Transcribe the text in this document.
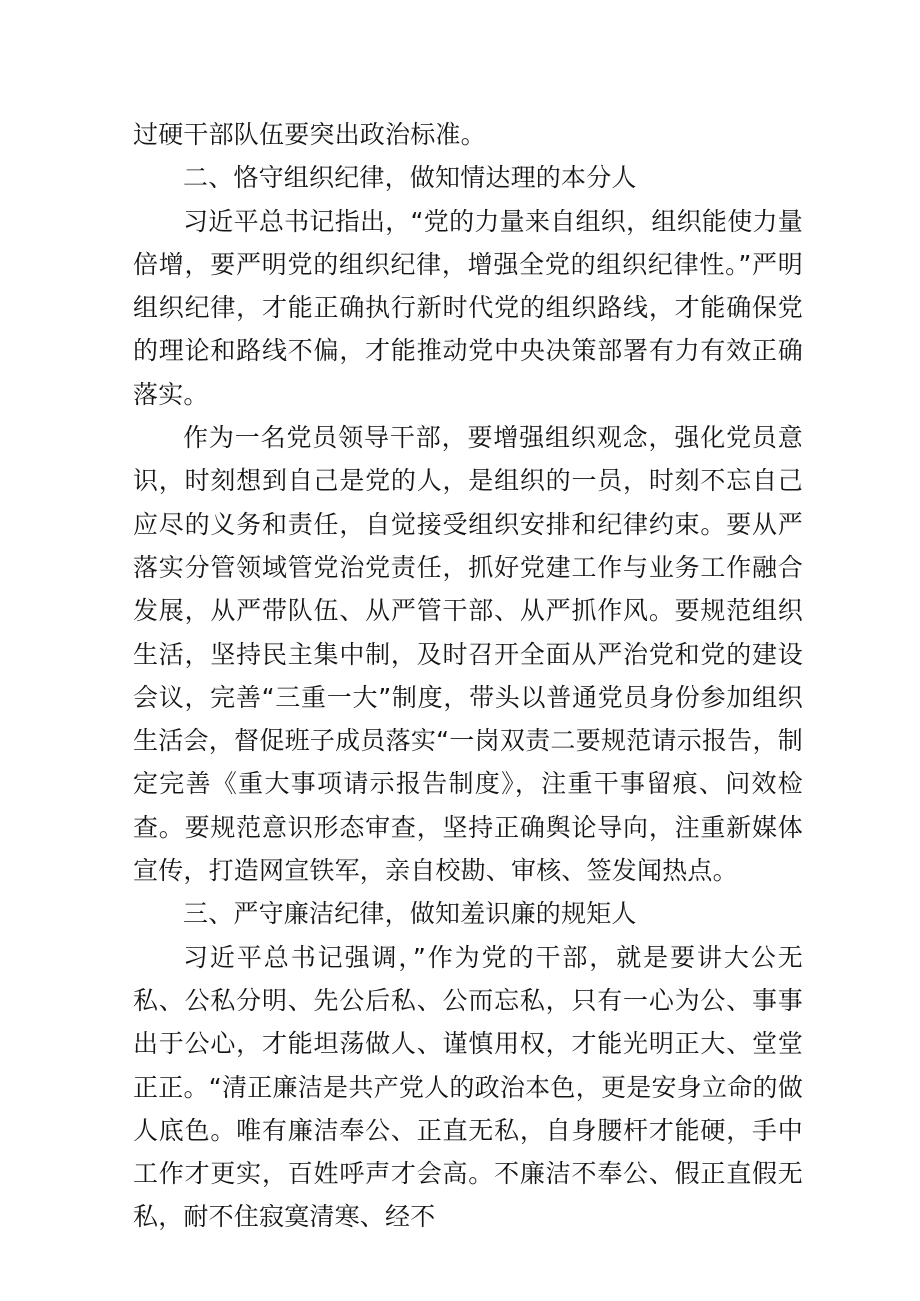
过硬干部队伍要突出政治标准。

二、恪守组织纪律，做知情达理的本分人

习近平总书记指出，“党的力量来自组织，组织能使力量倍增，要严明党的组织纪律，增强全党的组织纪律性。”严明组织纪律，才能正确执行新时代党的组织路线，才能确保党的理论和路线不偏，才能推动党中央决策部署有力有效正确落实。

作为一名党员领导干部，要增强组织观念，强化党员意识，时刻想到自己是党的人，是组织的一员，时刻不忘自己应尽的义务和责任，自觉接受组织安排和纪律约束。要从严落实分管领域管党治党责任，抓好党建工作与业务工作融合发展，从严带队伍、从严管干部、从严抓作风。要规范组织生活，坚持民主集中制，及时召开全面从严治党和党的建设会议，完善“三重一大”制度，带头以普通党员身份参加组织生活会，督促班子成员落实“一岗双责二要规范请示报告，制定完善《重大事项请示报告制度》，注重干事留痕、问效检查。要规范意识形态审查，坚持正确舆论导向，注重新媒体宣传，打造网宣铁军，亲自校勘、审核、签发闻热点。

三、严守廉洁纪律，做知羞识廉的规矩人

习近平总书记强调，”作为党的干部，就是要讲大公无私、公私分明、先公后私、公而忘私，只有一心为公、事事出于公心，才能坦荡做人、谨慎用权，才能光明正大、堂堂正正。“清正廉洁是共产党人的政治本色，更是安身立命的做人底色。唯有廉洁奉公、正直无私，自身腰杆才能硬，手中工作才更实，百姓呼声才会高。不廉洁不奉公、假正直假无私，耐不住寂寞清寒、经不
